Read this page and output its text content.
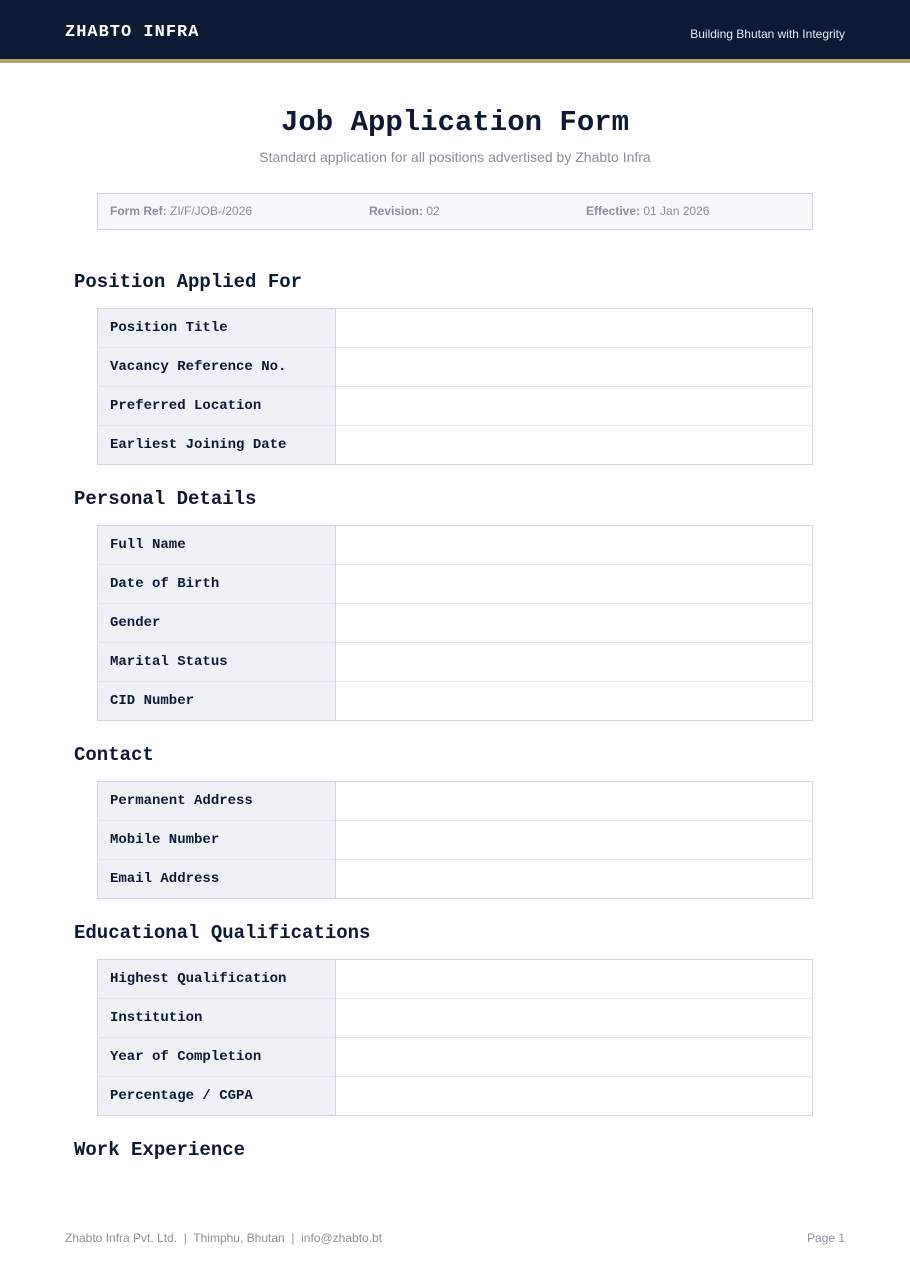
ZHABTO INFRA	Building Bhutan with Integrity
Job Application Form
Standard application for all positions advertised by Zhabto Infra
Form Ref: ZI/F/JOB-/2026	Revision: 02	Effective: 01 Jan 2026
Position Applied For
Position Title	
Vacancy Reference No.	
Preferred Location	
Earliest Joining Date	
Personal Details
Full Name	
Date of Birth	
Gender	
Marital Status	
CID Number	
Contact
Permanent Address	
Mobile Number	
Email Address	
Educational Qualifications
Highest Qualification	
Institution	
Year of Completion	
Percentage / CGPA	
Work Experience
Zhabto Infra Pvt. Ltd.  |  Thimphu, Bhutan  |  info@zhabto.bt	Page 1
